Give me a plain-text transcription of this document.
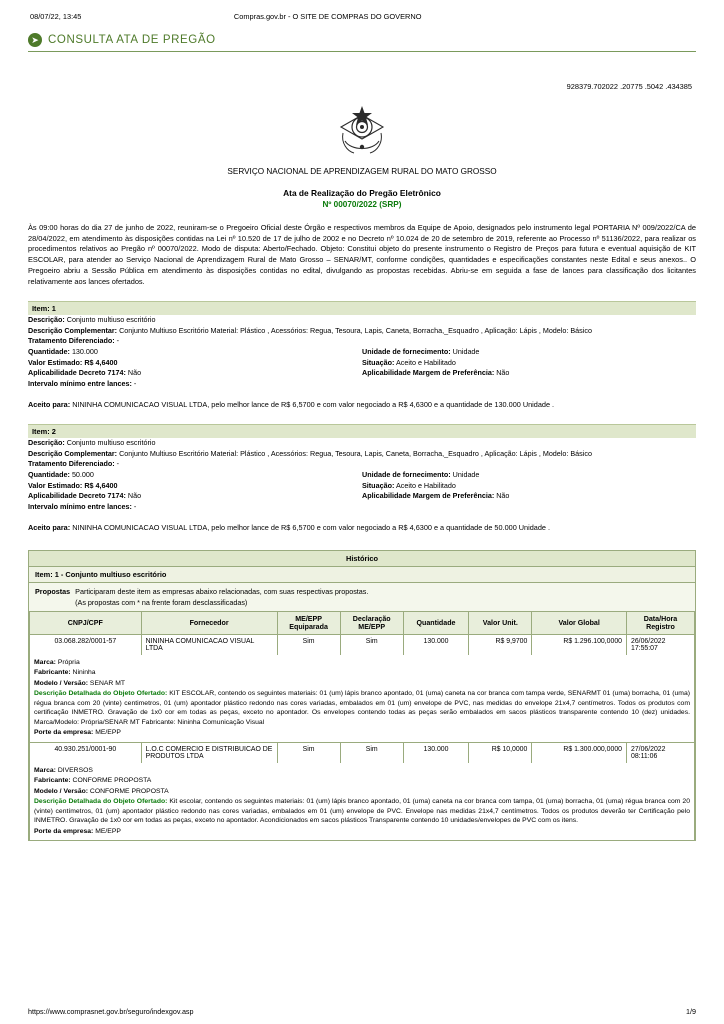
08/07/22, 13:45	Compras.gov.br - O SITE DE COMPRAS DO GOVERNO
➤ CONSULTA ATA DE PREGÃO
928379.702022 .20775 .5042 .434385
SERVIÇO NACIONAL DE APRENDIZAGEM RURAL DO MATO GROSSO
Ata de Realização do Pregão Eletrônico
Nº 00070/2022 (SRP)
Às 09:00 horas do dia 27 de junho de 2022, reuniram-se o Pregoeiro Oficial deste Órgão e respectivos membros da Equipe de Apoio, designados pelo instrumento legal PORTARIA Nº 009/2022/CA de 28/04/2022, em atendimento às disposições contidas na Lei nº 10.520 de 17 de julho de 2002 e no Decreto nº 10.024 de 20 de setembro de 2019, referente ao Processo nº 51136/2022, para realizar os procedimentos relativos ao Pregão nº 00070/2022. Modo de disputa: Aberto/Fechado. Objeto: Constitui objeto do presente instrumento o Registro de Preços para futura e eventual aquisição de KIT ESCOLAR, para atender ao Serviço Nacional de Aprendizagem Rural de Mato Grosso – SENAR/MT, conforme condições, quantidades e especificações constantes neste Edital e seus anexos.. O Pregoeiro abriu a Sessão Pública em atendimento às disposições contidas no edital, divulgando as propostas recebidas. Abriu-se em seguida a fase de lances para classificação dos licitantes relativamente aos lances ofertados.
Item: 1
Descrição: Conjunto multiuso escritório
Descrição Complementar: Conjunto Multiuso Escritório Material: Plástico , Acessórios: Regua, Tesoura, Lapis, Caneta, Borracha,_Esquadro , Aplicação: Lápis , Modelo: Básico
Tratamento Diferenciado: -
Quantidade: 130.000	Unidade de fornecimento: Unidade
Valor Estimado: R$ 4,6400	Situação: Aceito e Habilitado
Aplicabilidade Decreto 7174: Não	Aplicabilidade Margem de Preferência: Não
Intervalo mínimo entre lances: -
Aceito para: NININHA COMUNICACAO VISUAL LTDA, pelo melhor lance de R$ 6,5700 e com valor negociado a R$ 4,6300 e a quantidade de 130.000 Unidade .
Item: 2
Descrição: Conjunto multiuso escritório
Descrição Complementar: Conjunto Multiuso Escritório Material: Plástico , Acessórios: Regua, Tesoura, Lapis, Caneta, Borracha,_Esquadro , Aplicação: Lápis , Modelo: Básico
Tratamento Diferenciado: -
Quantidade: 50.000	Unidade de fornecimento: Unidade
Valor Estimado: R$ 4,6400	Situação: Aceito e Habilitado
Aplicabilidade Decreto 7174: Não	Aplicabilidade Margem de Preferência: Não
Intervalo mínimo entre lances: -
Aceito para: NININHA COMUNICACAO VISUAL LTDA, pelo melhor lance de R$ 6,5700 e com valor negociado a R$ 4,6300 e a quantidade de 50.000 Unidade .
Histórico
Item: 1 - Conjunto multiuso escritório
Propostas Participaram deste item as empresas abaixo relacionadas, com suas respectivas propostas.
(As propostas com * na frente foram desclassificadas)
CNPJ/CPF	Fornecedor	ME/EPP Equiparada	Declaração ME/EPP	Quantidade	Valor Unit.	Valor Global	Data/Hora Registro
03.068.282/0001-57	NININHA COMUNICACAO VISUAL LTDA	Sim	Sim	130.000	R$ 9,9700	R$ 1.296.100,0000	26/06/2022 17:55:07

Marca: Própria
Fabricante: Nininha
Modelo / Versão: SENAR MT
Descrição Detalhada do Objeto Ofertado: KIT ESCOLAR, contendo os seguintes materiais: 01 (um) lápis branco apontado, 01 (uma) caneta na cor branca com tampa verde, SENARMT 01 (uma) borracha, 01 (uma) régua branca com 20 (vinte) centimetros, 01 (um) apontador plástico redondo nas cores variadas, embalados em 01 (um) envelope de PVC, nas medidas do envelope 21x4,7 centímetros. Todos os produtos com certificação INMETRO. Gravação de 1x0 cor em todas as peças, exceto no apontador. Os envelopes contendo todas as peças serão embalados em sacos plásticos transparente contendo 10 (dez) unidades. Marca/Modelo: Própria/SENAR MT Fabricante: Nininha Comunicação Visual
Porte da empresa: ME/EPP							

40.930.251/0001-90	L.O.C COMERCIO E DISTRIBUICAO DE PRODUTOS LTDA	Sim	Sim	130.000	R$ 10,0000	R$ 1.300.000,0000	27/06/2022 08:11:06

Marca: DIVERSOS
Fabricante: CONFORME PROPOSTA
Modelo / Versão: CONFORME PROPOSTA
Descrição Detalhada do Objeto Ofertado: Kit escolar, contendo os seguintes materiais: 01 (um) lápis branco apontado, 01 (uma) caneta na cor branca com tampa, 01 (uma) borracha, 01 (uma) régua branca com 20 (vinte) centímetros, 01 (um) apontador plástico redondo nas cores variadas, embalados em 01 (um) envelope de PVC. Envelope nas medidas 21x4,7 centímetros. Todos os produtos deverão ter Certificação pelo INMETRO. Gravação de 1x0 cor em todas as peças, exceto no apontador. Acondicionados em sacos plásticos Transparente contendo 10 unidades/envelopes de PVC com os itens.
Porte da empresa: ME/EPP							
https://www.comprasnet.gov.br/seguro/indexgov.asp	1/9
